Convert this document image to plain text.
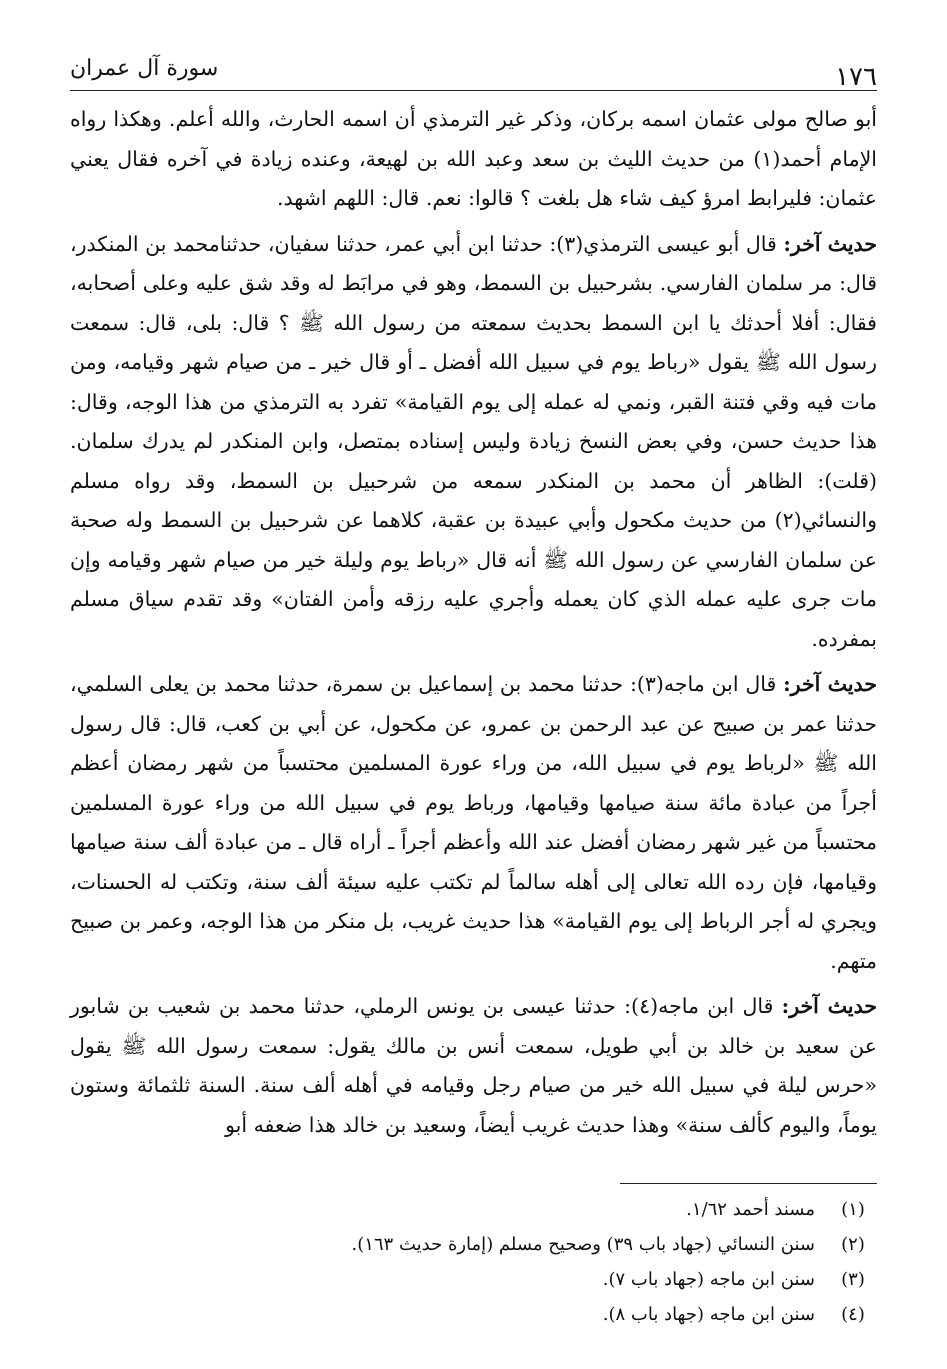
١٧٦
سورة آل عمران

أبو صالح مولى عثمان اسمه بركان، وذكر غير الترمذي أن اسمه الحارث، والله أعلم. وهكذا رواه الإمام أحمد(١) من حديث الليث بن سعد وعبد الله بن لهيعة، وعنده زيادة في آخره فقال يعني عثمان: فليرابط امرؤ كيف شاء هل بلغت ؟ قالوا: نعم. قال: اللهم اشهد.

حديث آخر: قال أبو عيسى الترمذي(٣): حدثنا ابن أبي عمر، حدثنا سفيان، حدثنامحمد بن المنكدر، قال: مر سلمان الفارسي. بشرحبيل بن السمط، وهو في مرابَط له وقد شق عليه وعلى أصحابه، فقال: أفلا أحدثك يا ابن السمط بحديث سمعته من رسول الله ﷺ ؟ قال: بلى، قال: سمعت رسول الله ﷺ يقول «رباط يوم في سبيل الله أفضل ـ أو قال خير ـ من صيام شهر وقيامه، ومن مات فيه وقي فتنة القبر، ونمي له عمله إلى يوم القيامة» تفرد به الترمذي من هذا الوجه، وقال: هذا حديث حسن، وفي بعض النسخ زيادة وليس إسناده بمتصل، وابن المنكدر لم يدرك سلمان. (قلت): الظاهر أن محمد بن المنكدر سمعه من شرحبيل بن السمط، وقد رواه مسلم والنسائي(٢) من حديث مكحول وأبي عبيدة بن عقبة، كلاهما عن شرحبيل بن السمط وله صحبة عن سلمان الفارسي عن رسول الله ﷺ أنه قال «رباط يوم وليلة خير من صيام شهر وقيامه وإن مات جرى عليه عمله الذي كان يعمله وأجري عليه رزقه وأمن الفتان» وقد تقدم سياق مسلم بمفرده.

حديث آخر: قال ابن ماجه(٣): حدثنا محمد بن إسماعيل بن سمرة، حدثنا محمد بن يعلى السلمي، حدثنا عمر بن صبيح عن عبد الرحمن بن عمرو، عن مكحول، عن أبي بن كعب، قال: قال رسول الله ﷺ «لرباط يوم في سبيل الله، من وراء عورة المسلمين محتسباً من شهر رمضان أعظم أجراً من عبادة مائة سنة صيامها وقيامها، ورباط يوم في سبيل الله من وراء عورة المسلمين محتسباً من غير شهر رمضان أفضل عند الله وأعظم أجراً ـ أراه قال ـ من عبادة ألف سنة صيامها وقيامها، فإن رده الله تعالى إلى أهله سالماً لم تكتب عليه سيئة ألف سنة، وتكتب له الحسنات، ويجري له أجر الرباط إلى يوم القيامة» هذا حديث غريب، بل منكر من هذا الوجه، وعمر بن صبيح متهم.

حديث آخر: قال ابن ماجه(٤): حدثنا عيسى بن يونس الرملي، حدثنا محمد بن شعيب بن شابور عن سعيد بن خالد بن أبي طويل، سمعت أنس بن مالك يقول: سمعت رسول الله ﷺ يقول «حرس ليلة في سبيل الله خير من صيام رجل وقيامه في أهله ألف سنة. السنة ثلثمائة وستون يوماً، واليوم كألف سنة» وهذا حديث غريب أيضاً، وسعيد بن خالد هذا ضعفه أبو

(١)
مسند أحمد ١/٦٢.
(٢)
سنن النسائي (جهاد باب ٣٩) وصحيح مسلم (إمارة حديث ١٦٣).
(٣)
سنن ابن ماجه (جهاد باب ٧).
(٤)
سنن ابن ماجه (جهاد باب ٨).
